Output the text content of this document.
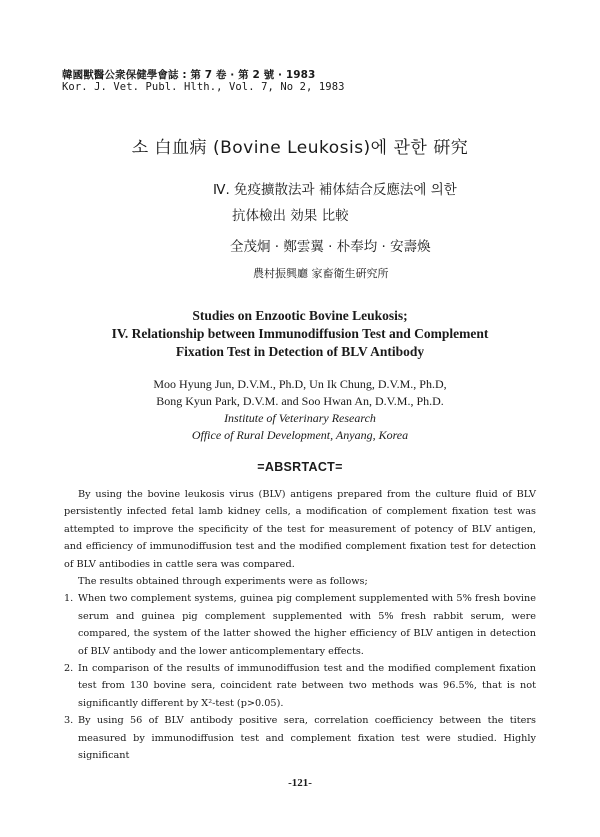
韓國獸醫公衆保健學會誌 : 第 7 卷 · 第 2 號 · 1983
Kor. J. Vet. Publ. Hlth., Vol. 7, No 2, 1983
소 白血病 (Bovine Leukosis)에 관한 硏究
Ⅳ. 免疫擴散法과 補体結合反應法에 의한
抗体檢出 効果 比較
全茂炯 · 鄭雲翼 · 朴奉均 · 安壽煥
農村振興廳 家畜衛生硏究所
Studies on Enzootic Bovine Leukosis;
IV. Relationship between Immunodiffusion Test and Complement
Fixation Test in Detection of BLV Antibody
Moo Hyung Jun, D.V.M., Ph.D, Un Ik Chung, D.V.M., Ph.D,
Bong Kyun Park, D.V.M. and Soo Hwan An, D.V.M., Ph.D.
Institute of Veterinary Research
Office of Rural Development, Anyang, Korea
=ABSRTACT=

By using the bovine leukosis virus (BLV) antigens prepared from the culture fluid of BLV persistently infected fetal lamb kidney cells, a modification of complement fixation test was attempted to improve the specificity of the test for measurement of potency of BLV antigen, and efficiency of immunodiffusion test and the modified complement fixation test for detection of BLV antibodies in cattle sera was compared.

The results obtained through experiments were as follows;

1. When two complement systems, guinea pig complement supplemented with 5% fresh bovine serum and guinea pig complement supplemented with 5% fresh rabbit serum, were compared, the system of the latter showed the higher efficiency of BLV antigen in detection of BLV antibody and the lower anticomplementary effects.
2. In comparison of the results of immunodiffusion test and the modified complement fixation test from 130 bovine sera, coincident rate between two methods was 96.5%, that is not significantly different by X²-test (p>0.05).
3. By using 56 of BLV antibody positive sera, correlation coefficiency between the titers measured by immunodiffusion test and complement fixation test were studied. Highly significant
-121-
